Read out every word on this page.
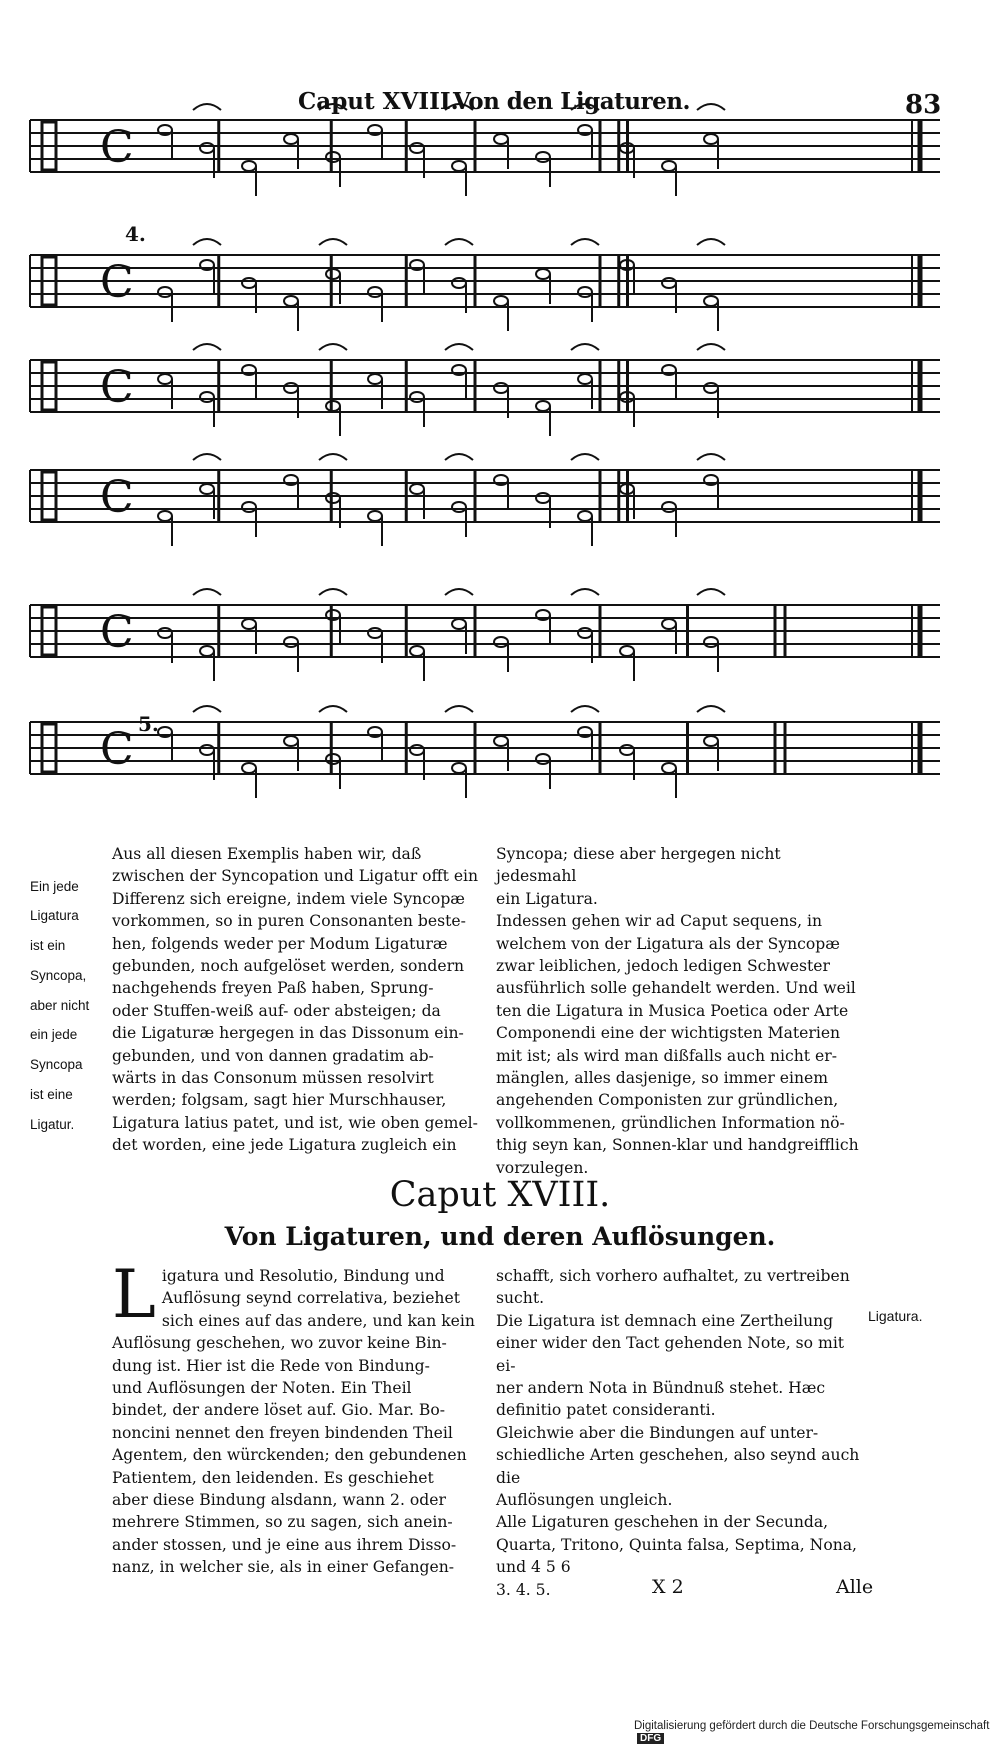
Caput XVIII.
Von den Ligaturen.	83
C
C
C
C
C
C
4.
5.

Ein jede

Ligatura

ist ein

Syncopa,

aber nicht

ein jede

Syncopa

ist eine

Ligatur.

Aus all diesen Exemplis haben wir, daß

zwischen der Syncopation und Ligatur offt ein

Differenz sich ereigne, indem viele Syncopæ

vorkommen, so in puren Consonanten beste-

hen, folgends weder per Modum Ligaturæ

gebunden, noch aufgelöset werden, sondern

nachgehends freyen Paß haben, Sprung-

oder Stuffen-weiß auf- oder absteigen; da

die Ligaturæ hergegen in das Dissonum ein-

gebunden, und von dannen gradatim ab-

wärts in das Consonum müssen resolvirt

werden; folgsam, sagt hier Murschhauser,

Ligatura latius patet, und ist, wie oben gemel-

det worden, eine jede Ligatura zugleich ein

Syncopa; diese aber hergegen nicht jedesmahl

ein Ligatura.

Indessen gehen wir ad Caput sequens, in

welchem von der Ligatura als der Syncopæ

zwar leiblichen, jedoch ledigen Schwester

ausführlich solle gehandelt werden. Und weil

ten die Ligatura in Musica Poetica oder Arte

Componendi eine der wichtigsten Materien

mit ist; als wird man dißfalls auch nicht er-

mänglen, alles dasjenige, so immer einem

angehenden Componisten zur gründlichen,

vollkommenen, gründlichen Information nö-

thig seyn kan, Sonnen-klar und handgreifflich

vorzulegen.

Caput XVIII.
Von Ligaturen, und deren Auflösungen.
L igatura und Resolutio, Bindung und

Auflösung seynd correlativa, beziehet

sich eines auf das andere, und kan kein

Auflösung geschehen, wo zuvor keine Bin-

dung ist. Hier ist die Rede von Bindung-

und Auflösungen der Noten. Ein Theil

bindet, der andere löset auf. Gio. Mar. Bo-

noncini nennet den freyen bindenden Theil

Agentem, den würckenden; den gebundenen

Patientem, den leidenden. Es geschiehet

aber diese Bindung alsdann, wann 2. oder

mehrere Stimmen, so zu sagen, sich anein-

ander stossen, und je eine aus ihrem Disso-

nanz, in welcher sie, als in einer Gefangen-

schafft, sich vorhero aufhaltet, zu vertreiben

sucht.

Die Ligatura ist demnach eine Zertheilung

einer wider den Tact gehenden Note, so mit ei-

ner andern Nota in Bündnuß stehet. Hæc

definitio patet consideranti.

Gleichwie aber die Bindungen auf unter-

schiedliche Arten geschehen, also seynd auch die

Auflösungen ungleich.

Alle Ligaturen geschehen in der Secunda,

Quarta, Tritono, Quinta falsa, Septima, Nona,

und 4 5 6

3. 4. 5.

Ligatura.
X 2	Alle
Digitalisierung gefördert durch die Deutsche Forschungsgemeinschaft DFG
